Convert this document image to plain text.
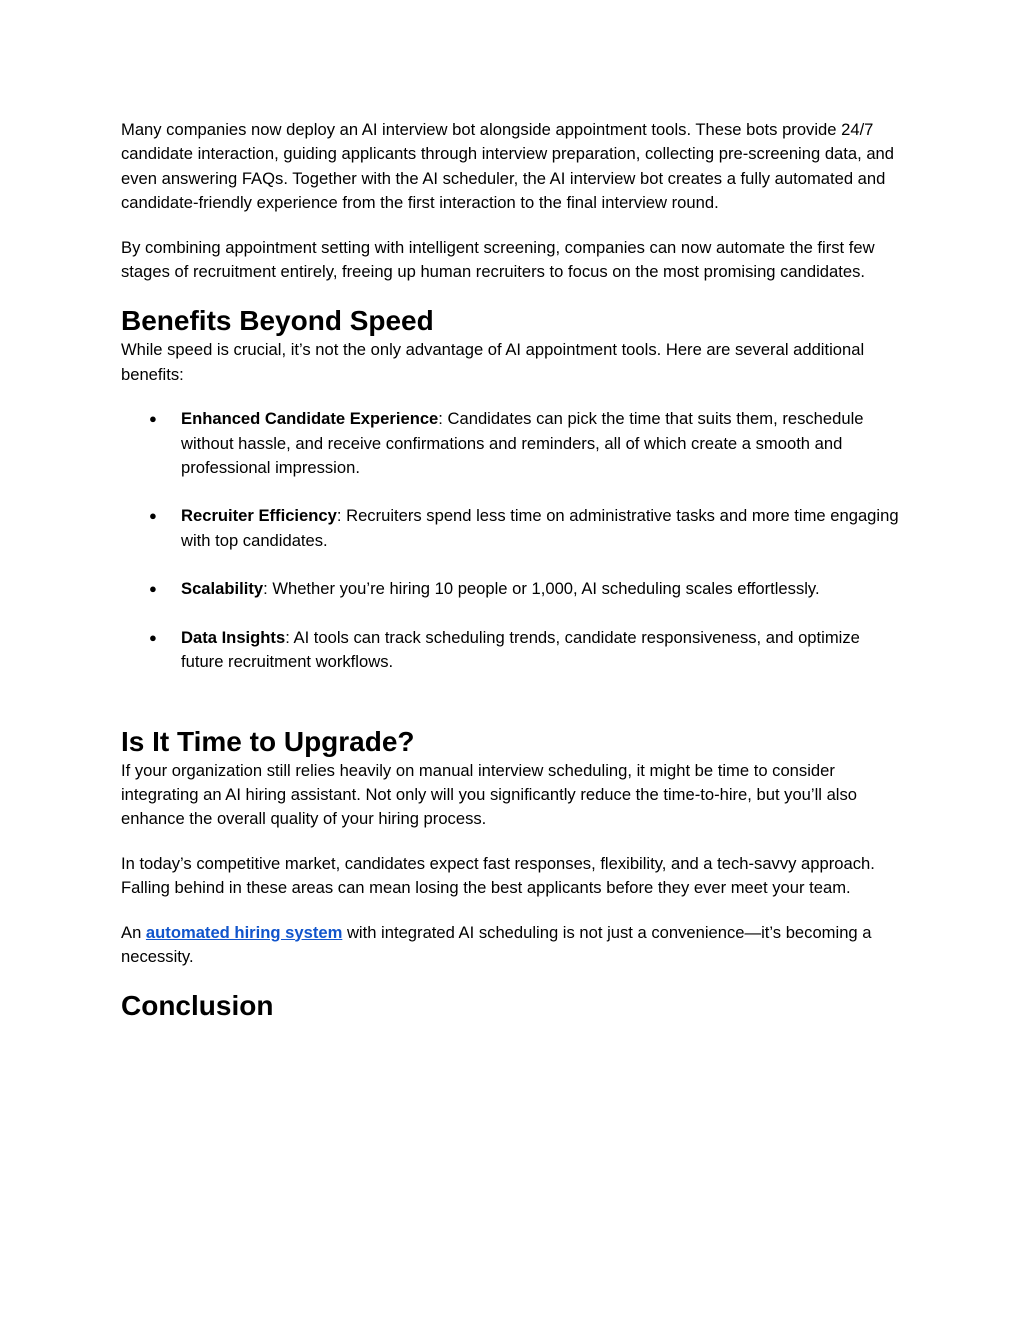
Many companies now deploy an AI interview bot alongside appointment tools. These bots provide 24/7 candidate interaction, guiding applicants through interview preparation, collecting pre-screening data, and even answering FAQs. Together with the AI scheduler, the AI interview bot creates a fully automated and candidate-friendly experience from the first interaction to the final interview round.

By combining appointment setting with intelligent screening, companies can now automate the first few stages of recruitment entirely, freeing up human recruiters to focus on the most promising candidates.

Benefits Beyond Speed

While speed is crucial, it’s not the only advantage of AI appointment tools. Here are several additional benefits:

● Enhanced Candidate Experience: Candidates can pick the time that suits them, reschedule without hassle, and receive confirmations and reminders, all of which create a smooth and professional impression.
● Recruiter Efficiency: Recruiters spend less time on administrative tasks and more time engaging with top candidates.
● Scalability: Whether you’re hiring 10 people or 1,000, AI scheduling scales effortlessly.
● Data Insights: AI tools can track scheduling trends, candidate responsiveness, and optimize future recruitment workflows.
Is It Time to Upgrade?

If your organization still relies heavily on manual interview scheduling, it might be time to consider integrating an AI hiring assistant. Not only will you significantly reduce the time-to-hire, but you’ll also enhance the overall quality of your hiring process.

In today’s competitive market, candidates expect fast responses, flexibility, and a tech-savvy approach. Falling behind in these areas can mean losing the best applicants before they ever meet your team.

An automated hiring system with integrated AI scheduling is not just a convenience—it’s becoming a necessity.

Conclusion
